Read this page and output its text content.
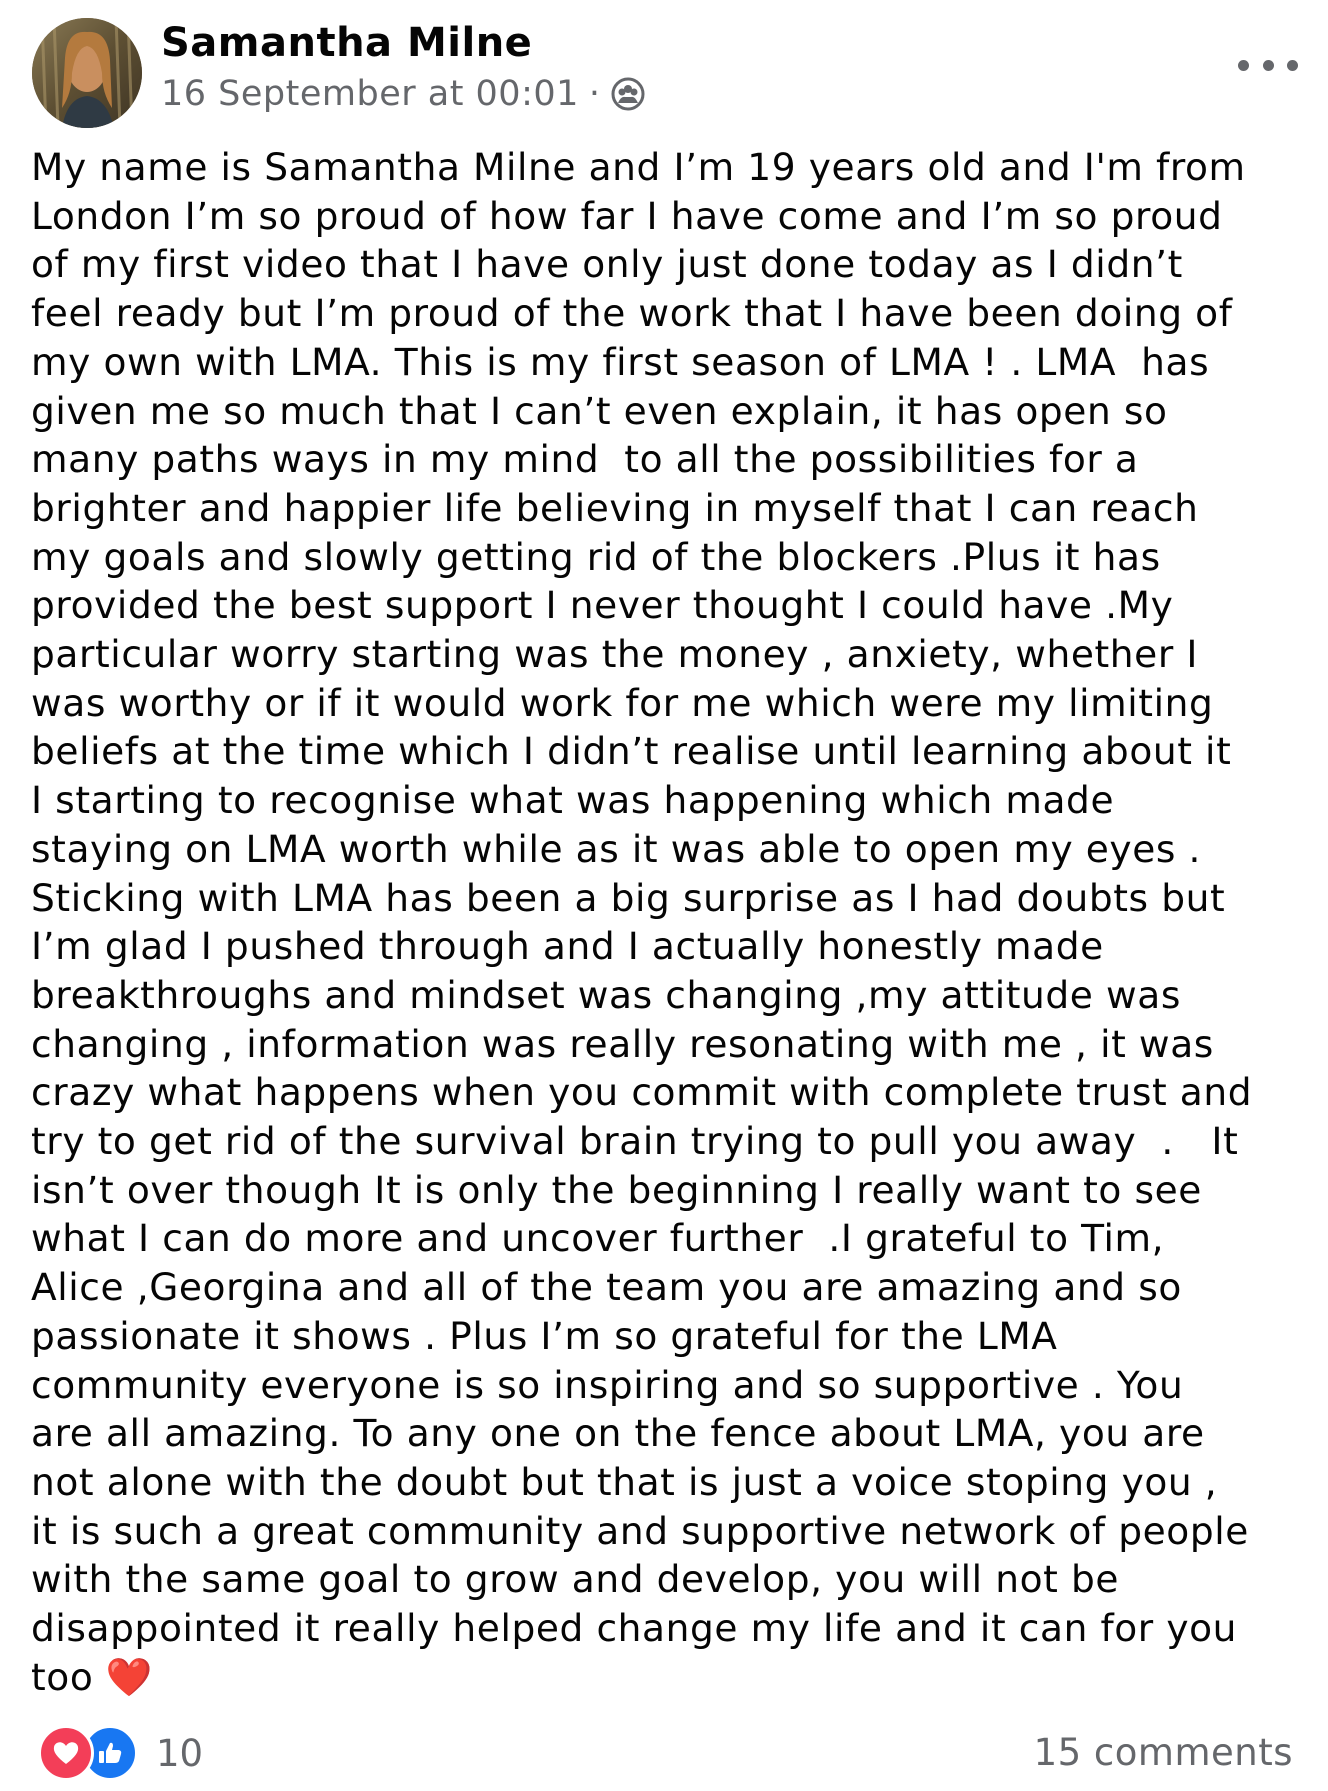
Samantha Milne
16 September at 00:01 ·

My name is Samantha Milne and I’m 19 years old and I'm from
London I’m so proud of how far I have come and I’m so proud
of my first video that I have only just done today as I didn’t
feel ready but I’m proud of the work that I have been doing of
my own with LMA. This is my first season of LMA ! . LMA  has
given me so much that I can’t even explain, it has open so
many paths ways in my mind  to all the possibilities for a
brighter and happier life believing in myself that I can reach
my goals and slowly getting rid of the blockers .Plus it has
provided the best support I never thought I could have .My
particular worry starting was the money , anxiety, whether I
was worthy or if it would work for me which were my limiting
beliefs at the time which I didn’t realise until learning about it
I starting to recognise what was happening which made
staying on LMA worth while as it was able to open my eyes .
Sticking with LMA has been a big surprise as I had doubts but
I’m glad I pushed through and I actually honestly made
breakthroughs and mindset was changing ,my attitude was
changing , information was really resonating with me , it was
crazy what happens when you commit with complete trust and
try to get rid of the survival brain trying to pull you away  .   It
isn’t over though It is only the beginning I really want to see
what I can do more and uncover further  .I grateful to Tim,
Alice ,Georgina and all of the team you are amazing and so
passionate it shows . Plus I’m so grateful for the LMA
community everyone is so inspiring and so supportive . You
are all amazing. To any one on the fence about LMA, you are
not alone with the doubt but that is just a voice stoping you ,
it is such a great community and supportive network of people
with the same goal to grow and develop, you will not be
disappointed it really helped change my life and it can for you
too ❤️

10	15 comments
